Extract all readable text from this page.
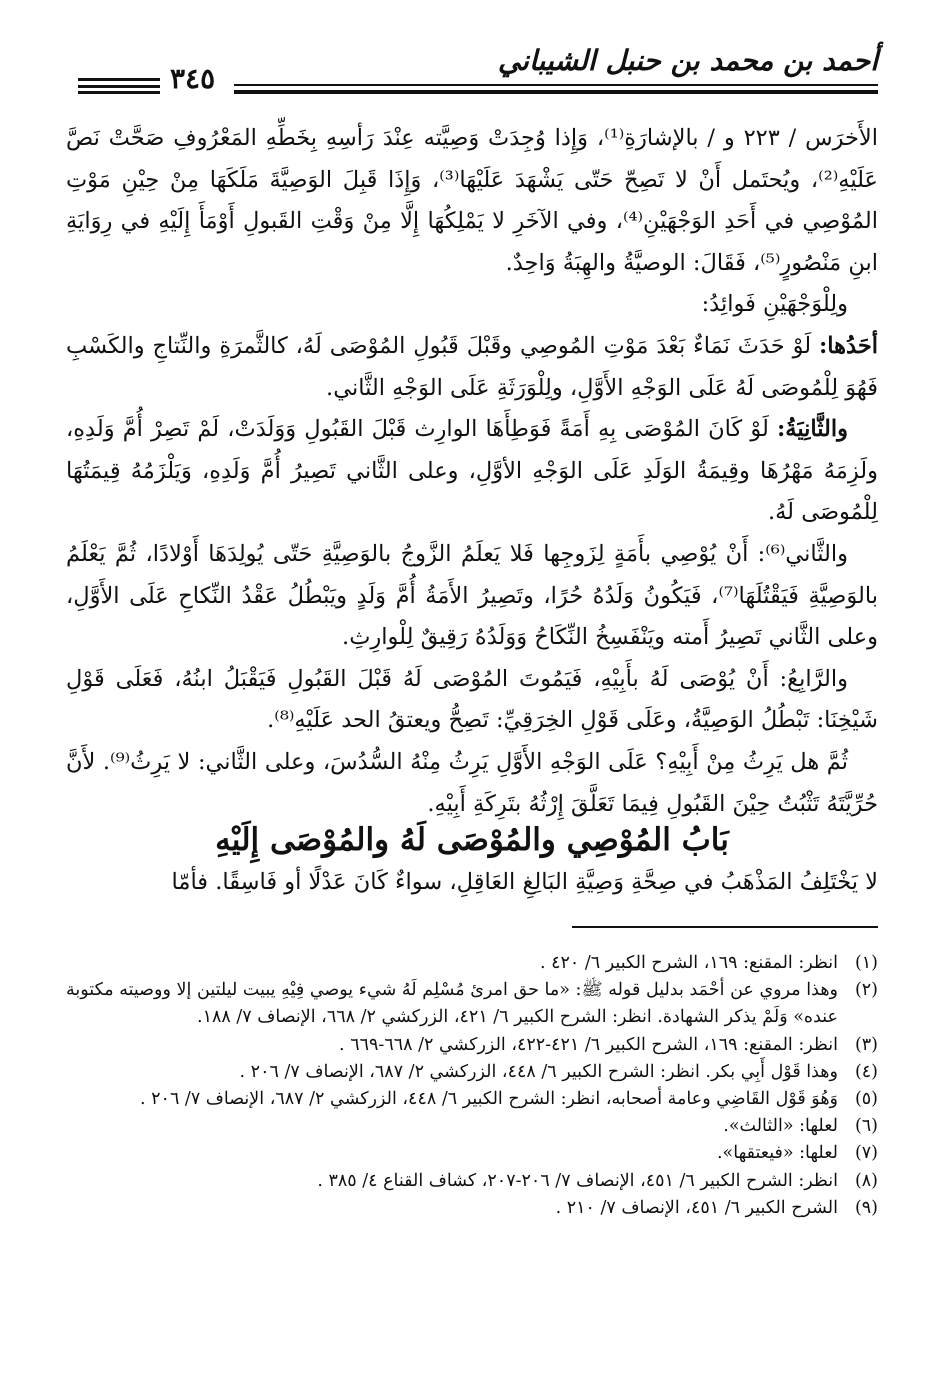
أحمد بن محمد بن حنبل الشيباني
٣٤٥

الأَخرَس / ٢٢٣ و / بالإشارَةِ⁽¹⁾، وَإِذا وُجِدَتْ وَصِيَّته عِنْدَ رَأسِهِ بِخَطِّهِ المَعْرُوفِ صَحَّتْ نَصَّ عَلَيْهِ⁽²⁾، ويُحتَمل أَنْ لا تَصِحّ حَتّى يَشْهَدَ عَلَيْهَا⁽³⁾، وَإِذَا قَبِلَ الوَصِيَّةَ مَلَكَهَا مِنْ حِيْنِ مَوْتِ المُوْصِي في أَحَدِ الوَجْهَيْنِ⁽⁴⁾، وفي الآخَرِ لا يَمْلِكُهَا إِلَّا مِنْ وَقْتِ القَبولِ أَوْمَأَ إِلَيْهِ في رِوَايَةِ ابنِ مَنْصُورٍ⁽⁵⁾، فَقَالَ: الوصيَّةُ والهِبَةُ وَاحِدٌ.

ولِلْوَجْهَيْنِ فَوائِدُ:

أحَدُها: لَوْ حَدَثَ نَمَاءٌ بَعْدَ مَوْتِ المُوصِي وقَبْلَ قَبُولِ المُوْصَى لَهُ، كالثَّمرَةِ والنِّتاجِ والكَسْبِ فَهُوَ لِلْمُوصَى لَهُ عَلَى الوَجْهِ الأَوَّلِ، ولِلْوَرَثَةِ عَلَى الوَجْهِ الثَّاني.

والثَّانِيَةُ: لَوْ كَانَ المُوْصَى بِهِ أَمَةً فَوَطِأَهَا الوارِث قَبْلَ القَبُولِ وَوَلَدَتْ، لَمْ تَصِرْ أُمَّ وَلَدِهِ، ولَزِمَهُ مَهْرُهَا وقِيمَةُ الوَلَدِ عَلَى الوَجْهِ الأوَّلِ، وعلى الثَّاني تَصِيرُ أُمَّ وَلَدِهِ، وَيَلْزَمُهُ قِيمَتُهَا لِلْمُوصَى لَهُ.

والثَّاني⁽⁶⁾: أَنْ يُوْصِي بأَمَةٍ لِزَوجِها فَلا يَعلَمُ الزَّوجُ بالوَصِيَّةِ حَتّى يُولِدَهَا أَوْلادًا، ثُمَّ يَعْلَمُ بالوَصِيَّةِ فَيَقْتُلَهَا⁽⁷⁾، فَيَكُونُ وَلَدُهُ حُرًا، وتَصِيرُ الأَمَةُ أُمَّ وَلَدٍ ويَبْطُلُ عَقْدُ النِّكاحِ عَلَى الأَوَّلِ، وعلى الثَّاني تَصِيرُ أَمته ويَنْفَسِخُ النِّكَاحُ وَوَلَدُهُ رَقِيقٌ لِلْوارِثِ.

والرَّابِعُ: أَنْ يُوْصَى لَهُ بأَبِيْهِ، فَيَمُوتَ المُوْصَى لَهُ قَبْلَ القَبُولِ فَيَقْبَلُ ابنُهُ، فَعَلَى قَوْلِ شَيْخِنَا: تَبْطُلُ الوَصِيَّةُ، وعَلَى قَوْلِ الخِرَقِيِّ: تَصِحُّ ويعتقُ الحد عَلَيْهِ⁽⁸⁾.

ثُمَّ هل يَرِثُ مِنْ أَبِيْهِ؟ عَلَى الوَجْهِ الأَوَّلِ يَرِثُ مِنْهُ السُّدُسَ، وعلى الثَّاني: لا يَرِثُ⁽⁹⁾. لأَنَّ حُرِّيَّتَهُ تَثْبُتُ حِيْنَ القَبُولِ فِيمَا تَعَلَّقَ إِرْثُهُ بتَرِكَةِ أَبِيْهِ.

بَابُ المُوْصِي والمُوْصَى لَهُ والمُوْصَى إِلَيْهِ
لا يَخْتَلِفُ المَذْهَبُ في صِحَّةِ وَصِيَّةِ البَالِغِ العَاقِلِ، سواءٌ كَانَ عَدْلًا أو فَاسِقًا. فأمّا

(١)
انظر: المقنع: ١٦٩، الشرح الكبير ٦/ ٤٢٠ .

(٢)
وهذا مروي عن أحْمَد بدليل قوله ﷺ: «ما حق امرئ مُسْلِم لَهُ شيء يوصي فِيْهِ يبيت ليلتين إلا ووصيته مكتوبة عنده» وَلَمْ يذكر الشهادة. انظر: الشرح الكبير ٦/ ٤٢١، الزركشي ٢/ ٦٦٨، الإنصاف ٧/ ١٨٨.

(٣)
انظر: المقنع: ١٦٩، الشرح الكبير ٦/ ٤٢١-٤٢٢، الزركشي ٢/ ٦٦٨-٦٦٩ .

(٤)
وهذا قَوْل أَبِي بكر. انظر: الشرح الكبير ٦/ ٤٤٨، الزركشي ٢/ ٦٨٧، الإنصاف ٧/ ٢٠٦ .

(٥)
وَهُوَ قَوْل القَاضِي وعامة أصحابه، انظر: الشرح الكبير ٦/ ٤٤٨، الزركشي ٢/ ٦٨٧، الإنصاف ٧/ ٢٠٦ .

(٦)
لعلها: «الثالث».

(٧)
لعلها: «فيعتقها».

(٨)
انظر: الشرح الكبير ٦/ ٤٥١، الإنصاف ٧/ ٢٠٦-٢٠٧، كشاف القناع ٤/ ٣٨٥ .

(٩)
الشرح الكبير ٦/ ٤٥١، الإنصاف ٧/ ٢١٠ .
